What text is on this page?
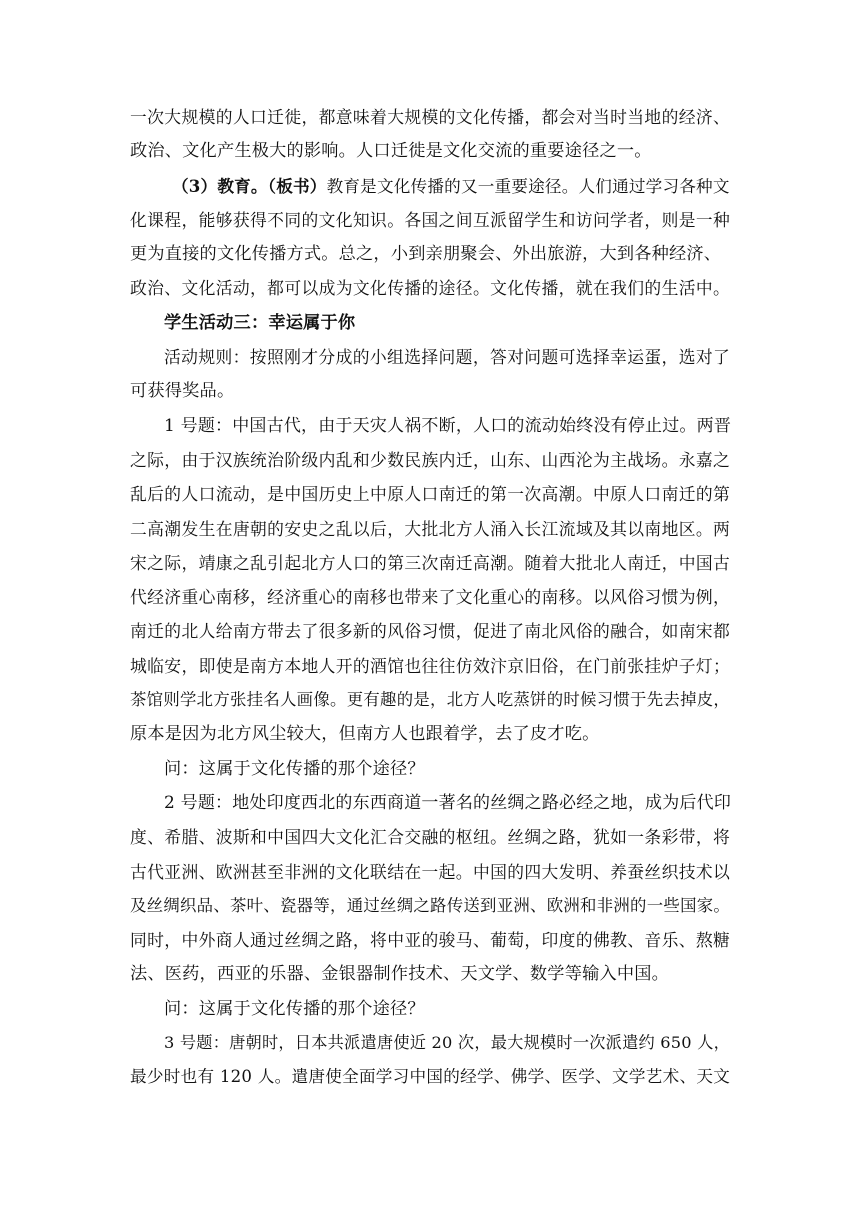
一次大规模的人口迁徙，都意味着大规模的文化传播，都会对当时当地的经济、
政治、文化产生极大的影响。人口迁徙是文化交流的重要途径之一。
（3）教育。（板书）教育是文化传播的又一重要途径。人们通过学习各种文
化课程，能够获得不同的文化知识。各国之间互派留学生和访问学者，则是一种
更为直接的文化传播方式。总之，小到亲朋聚会、外出旅游，大到各种经济、
政治、文化活动，都可以成为文化传播的途径。文化传播，就在我们的生活中。
学生活动三：幸运属于你
活动规则：按照刚才分成的小组选择问题，答对问题可选择幸运蛋，选对了
可获得奖品。
1 号题：中国古代，由于天灾人祸不断，人口的流动始终没有停止过。两晋
之际，由于汉族统治阶级内乱和少数民族内迁，山东、山西沦为主战场。永嘉之
乱后的人口流动，是中国历史上中原人口南迁的第一次高潮。中原人口南迁的第
二高潮发生在唐朝的安史之乱以后，大批北方人涌入长江流域及其以南地区。两
宋之际，靖康之乱引起北方人口的第三次南迁高潮。随着大批北人南迁，中国古
代经济重心南移，经济重心的南移也带来了文化重心的南移。以风俗习惯为例，
南迁的北人给南方带去了很多新的风俗习惯，促进了南北风俗的融合，如南宋都
城临安，即使是南方本地人开的酒馆也往往仿效汴京旧俗，在门前张挂炉子灯；
茶馆则学北方张挂名人画像。更有趣的是，北方人吃蒸饼的时候习惯于先去掉皮，
原本是因为北方风尘较大，但南方人也跟着学，去了皮才吃。
问：这属于文化传播的那个途径？
2 号题：地处印度西北的东西商道一著名的丝绸之路必经之地，成为后代印
度、希腊、波斯和中国四大文化汇合交融的枢纽。丝绸之路，犹如一条彩带，将
古代亚洲、欧洲甚至非洲的文化联结在一起。中国的四大发明、养蚕丝织技术以
及丝绸织品、茶叶、瓷器等，通过丝绸之路传送到亚洲、欧洲和非洲的一些国家。
同时，中外商人通过丝绸之路，将中亚的骏马、葡萄，印度的佛教、音乐、熬糖
法、医药，西亚的乐器、金银器制作技术、天文学、数学等输入中国。
问：这属于文化传播的那个途径？
3 号题：唐朝时，日本共派遣唐使近 20 次，最大规模时一次派遣约 650 人，
最少时也有 120 人。遣唐使全面学习中国的经学、佛学、医学、文学艺术、天文
